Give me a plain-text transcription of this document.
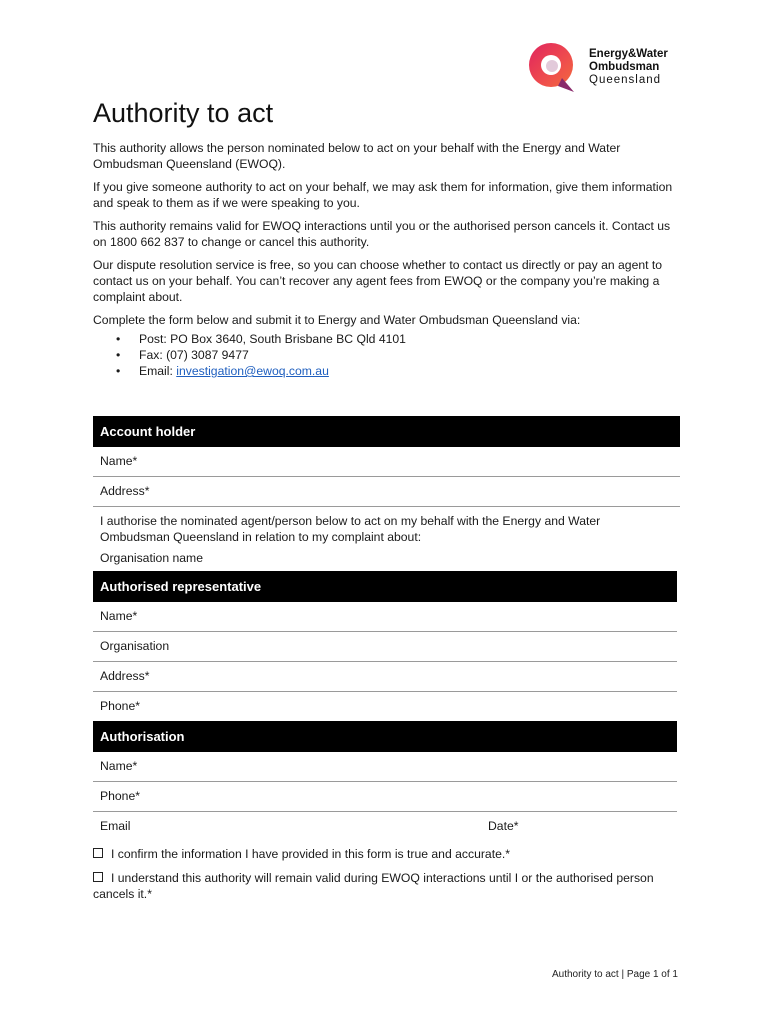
Energy&Water
Ombudsman
Queensland
Authority to act

This authority allows the person nominated below to act on your behalf with the Energy and Water Ombudsman Queensland (EWOQ).

If you give someone authority to act on your behalf, we may ask them for information, give them information and speak to them as if we were speaking to you.

This authority remains valid for EWOQ interactions until you or the authorised person cancels it. Contact us on 1800 662 837 to change or cancel this authority.

Our dispute resolution service is free, so you can choose whether to contact us directly or pay an agent to contact us on your behalf. You can’t recover any agent fees from EWOQ or the company you’re making a complaint about.

Complete the form below and submit it to Energy and Water Ombudsman Queensland via:

• Post: PO Box 3640, South Brisbane BC Qld 4101
• Fax: (07) 3087 9477
• Email: investigation@ewoq.com.au
Account holder
Name*
Address*
I authorise the nominated agent/person below to act on my behalf with the Energy and Water Ombudsman Queensland in relation to my complaint about:
Organisation name
Authorised representative
Name*
Organisation
Address*
Phone*
Authorisation
Name*
Phone*
Email	Date*

I confirm the information I have provided in this form is true and accurate.*

I understand this authority will remain valid during EWOQ interactions until I or the authorised person cancels it.*

Authority to act | Page 1 of 1
